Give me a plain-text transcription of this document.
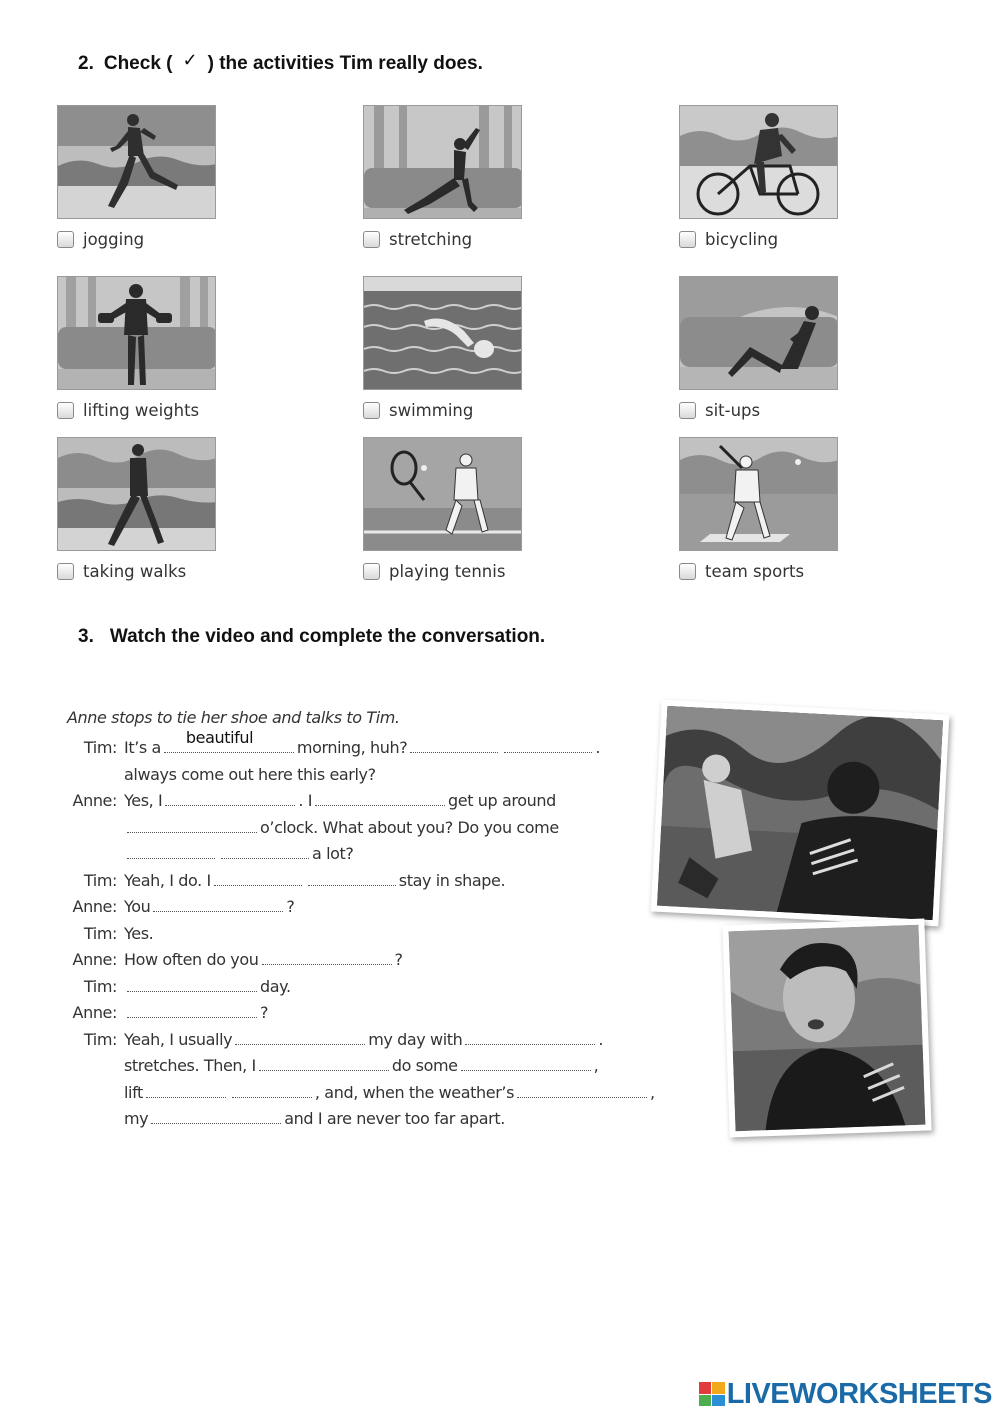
2. Check ( ✓ ) the activities Tim really does.
jogging	stretching	bicycling
lifting weights	swimming	sit-ups
taking walks	playing tennis	team sports
3. Watch the video and complete the conversation.
Anne stops to tie her shoe and talks to Tim.
Tim: It’s a
beautiful
morning, huh?	.
always come out here this early?
Anne: Yes, I	. I	get up around
o’clock. What about you? Do you come
a lot?
Tim: Yeah, I do. I	stay in shape.
Anne: You	?
Tim: Yes.
Anne: How often do you	?
Tim:	day.
Anne:	?
Tim: Yeah, I usually	my day with	.
stretches. Then, I	do some	,
lift	, and, when the weather’s	,
my	and I are never too far apart.
LIVEWORKSHEETS
